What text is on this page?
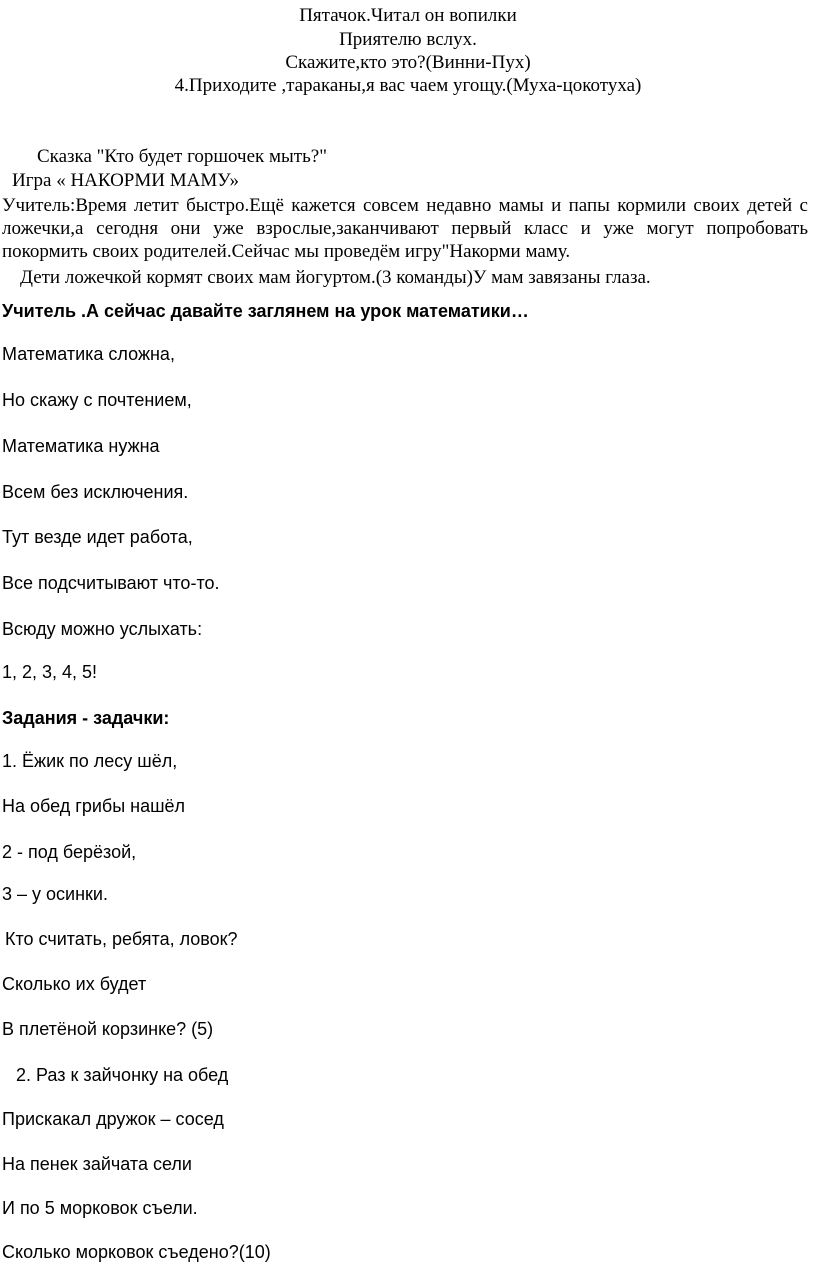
Пятачок.Читал он вопилки
Приятелю вслух.
Скажите,кто это?(Винни-Пух)
4.Приходите ,тараканы,я вас чаем угощу.(Муха-цокотуха)
Сказка "Кто будет горшочек мыть?"
Игра « НАКОРМИ МАМУ»
Учитель:Время летит быстро.Ещё кажется совсем недавно мамы и папы кормили своих детей с ложечки,а сегодня они уже взрослые,заканчивают первый класс и уже могут попробовать покормить своих родителей.Сейчас мы проведём игру"Накорми маму.
Дети ложечкой кормят своих мам йогуртом.(3 команды)У мам завязаны глаза.
Учитель .А сейчас давайте заглянем на урок математики…
Математика сложна,
Но скажу с почтением,
Математика нужна
Всем без исключения.
Тут везде идет работа,
Все подсчитывают что-то.
Всюду можно услыхать:
1, 2, 3, 4, 5!
Задания - задачки:
1. Ёжик по лесу шёл,
На обед грибы нашёл
2 - под берёзой,
3 – у осинки.
Кто считать, ребята, ловок?
Сколько их будет
В плетёной корзинке? (5)
2. Раз к зайчонку на обед
Прискакал дружок – сосед
На пенек зайчата сели
И по 5 морковок съели.
Сколько морковок съедено?(10)
